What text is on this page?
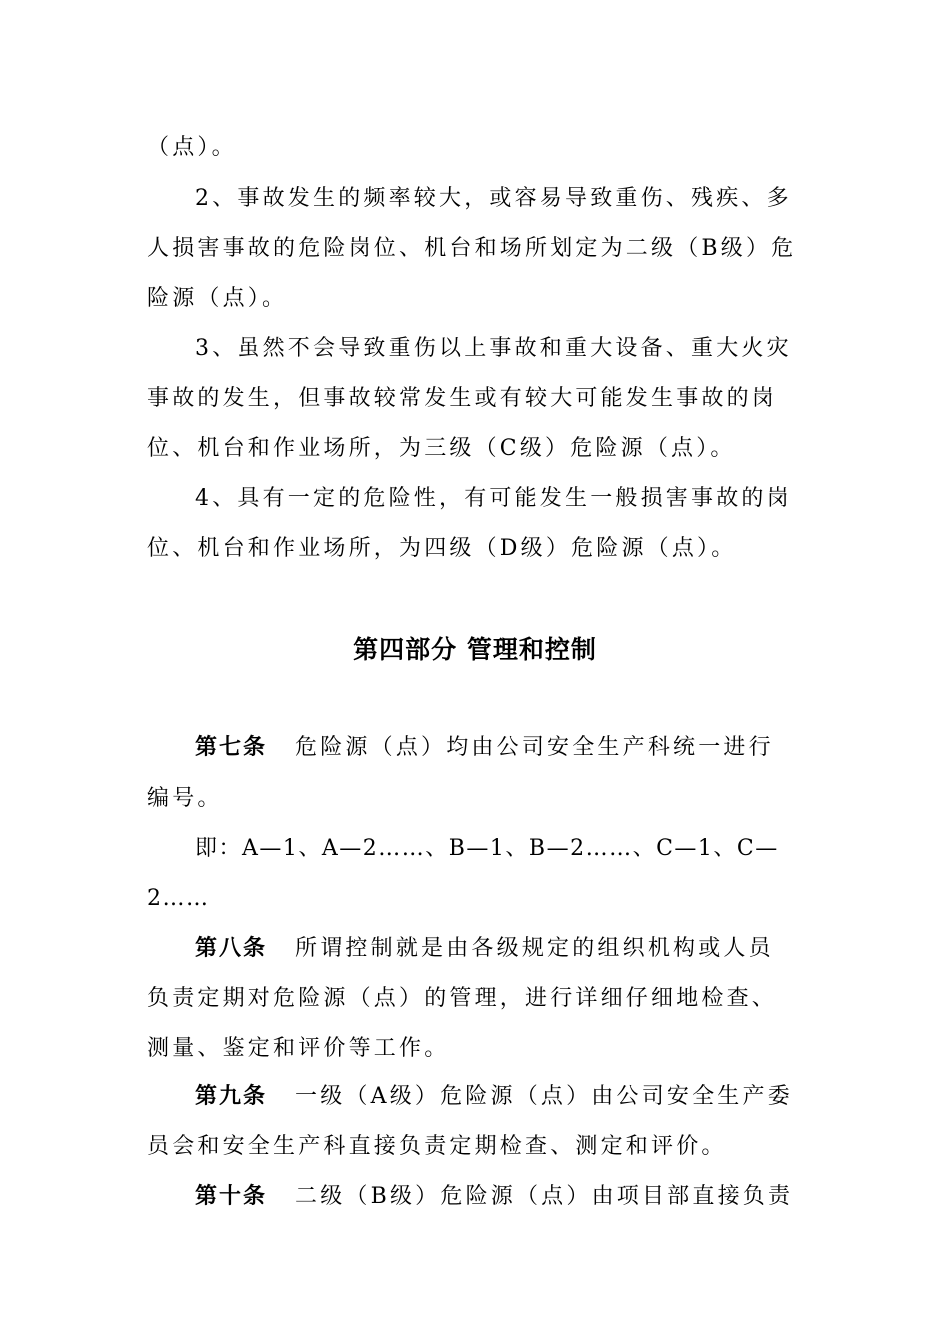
（点）。
2、事故发生的频率较大，或容易导致重伤、残疾、多
人损害事故的危险岗位、机台和场所划定为二级（B级）危
险源（点）。
3、虽然不会导致重伤以上事故和重大设备、重大火灾
事故的发生，但事故较常发生或有较大可能发生事故的岗
位、机台和作业场所，为三级（C级）危险源（点）。
4、具有一定的危险性，有可能发生一般损害事故的岗
位、机台和作业场所，为四级（D级）危险源（点）。
第四部分 管理和控制
第七条 危险源（点）均由公司安全生产科统一进行
编号。
即：A—1、A—2……、B—1、B—2……、C—1、C—
2……
第八条 所谓控制就是由各级规定的组织机构或人员
负责定期对危险源（点）的管理，进行详细仔细地检查、
测量、鉴定和评价等工作。
第九条 一级（A级）危险源（点）由公司安全生产委
员会和安全生产科直接负责定期检查、测定和评价。
第十条 二级（B级）危险源（点）由项目部直接负责
